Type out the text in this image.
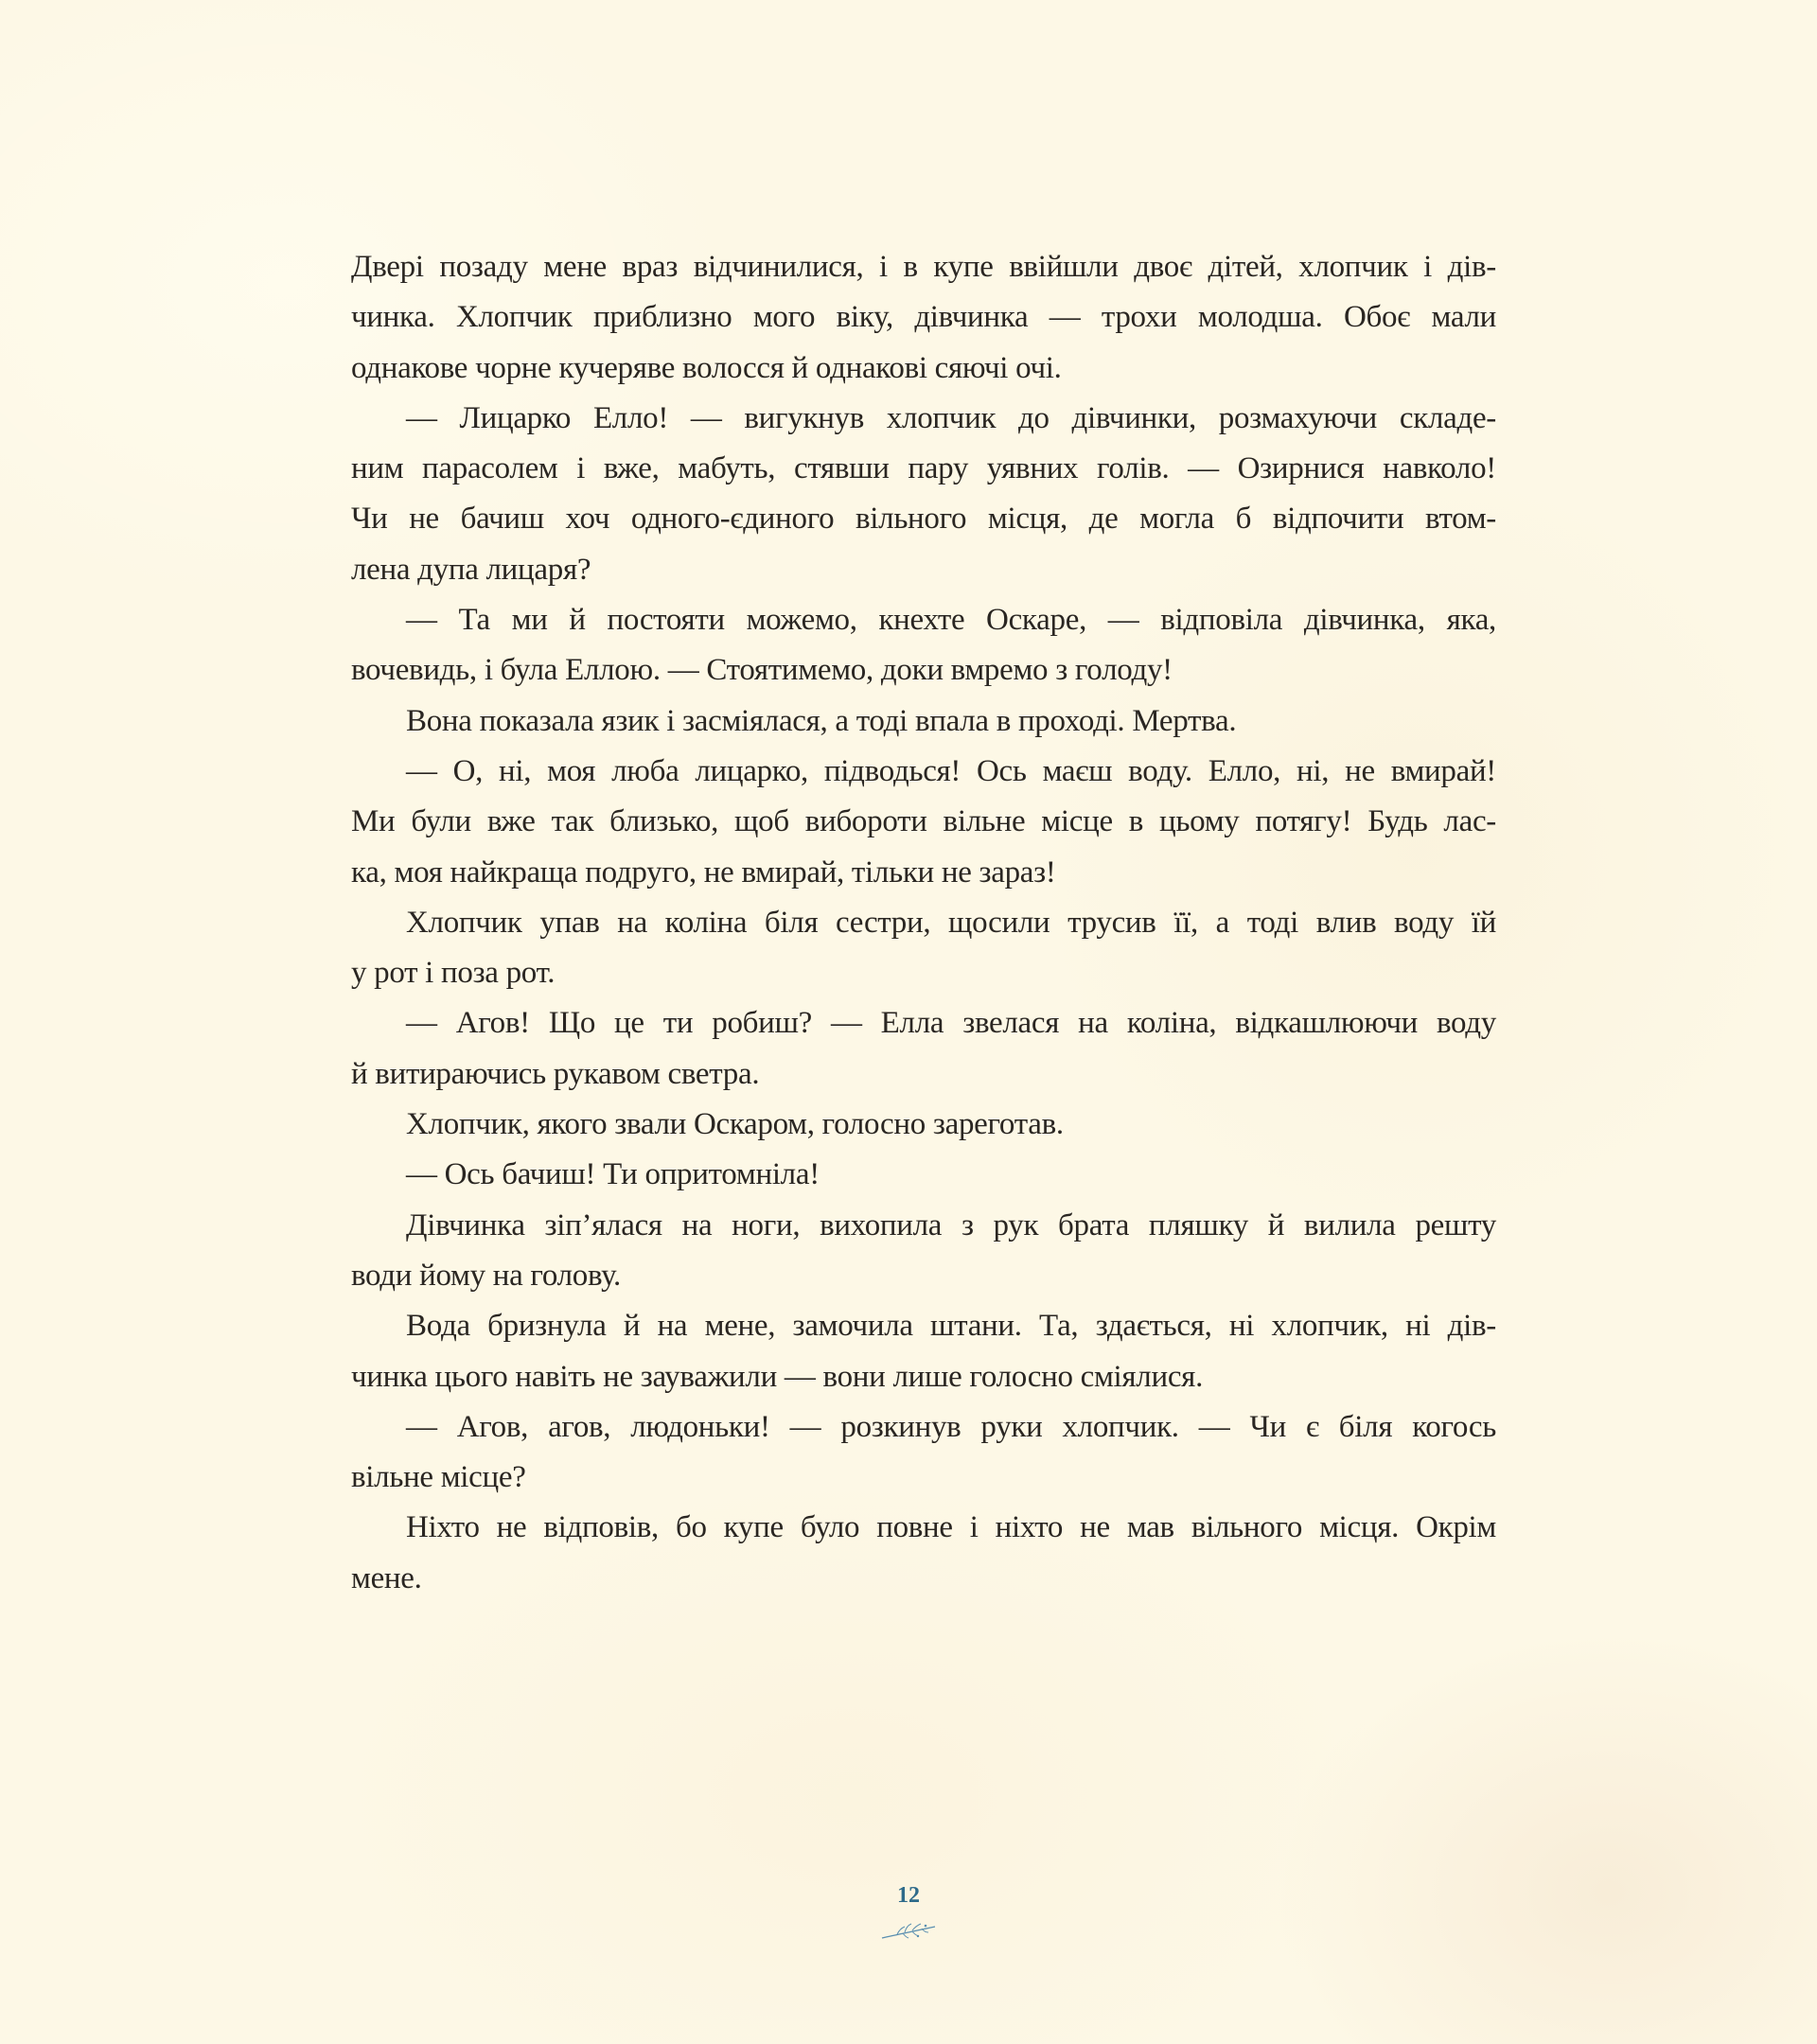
Двері позаду мене враз відчинилися, і в купе ввійшли двоє дітей, хлопчик і дів-
чинка. Хлопчик приблизно мого віку, дівчинка — трохи молодша. Обоє мали
однакове чорне кучеряве волосся й однакові сяючі очі.
— Лицарко Елло! — вигукнув хлопчик до дівчинки, розмахуючи складе-
ним парасолем і вже, мабуть, стявши пару уявних голів. — Озирнися навколо!
Чи не бачиш хоч одного-єдиного вільного місця, де могла б відпочити втом-
лена дупа лицаря?
— Та ми й постояти можемо, кнехте Оскаре, — відповіла дівчинка, яка,
вочевидь, і була Еллою. — Стоятимемо, доки вмремо з голоду!
Вона показала язик і засміялася, а тоді впала в проході. Мертва.
— О, ні, моя люба лицарко, підводься! Ось маєш воду. Елло, ні, не вмирай!
Ми були вже так близько, щоб вибороти вільне місце в цьому потягу! Будь лас-
ка, моя найкраща подруго, не вмирай, тільки не зараз!
Хлопчик упав на коліна біля сестри, щосили трусив її, а тоді влив воду їй
у рот і поза рот.
— Агов! Що це ти робиш? — Елла звелася на коліна, відкашлюючи воду
й витираючись рукавом светра.
Хлопчик, якого звали Оскаром, голосно зареготав.
— Ось бачиш! Ти опритомніла!
Дівчинка зіп’ялася на ноги, вихопила з рук брата пляшку й вилила решту
води йому на голову.
Вода бризнула й на мене, замочила штани. Та, здається, ні хлопчик, ні дів-
чинка цього навіть не зауважили — вони лише голосно сміялися.
— Агов, агов, людоньки! — розкинув руки хлопчик. — Чи є біля когось
вільне місце?
Ніхто не відповів, бо купе було повне і ніхто не мав вільного місця. Окрім
мене.
12
